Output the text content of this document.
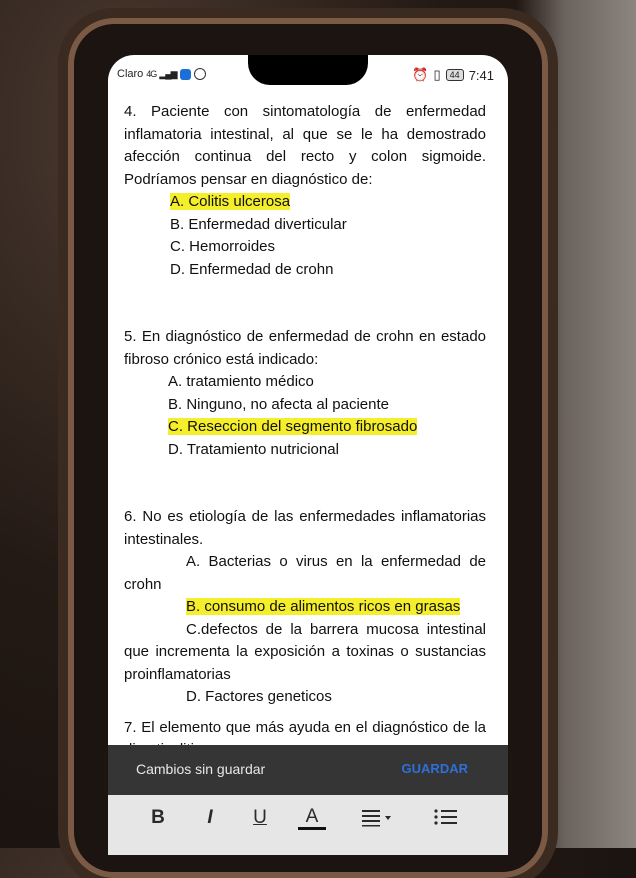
Claro 4G ▂▄▆	⏰ ▯	44 7:41

4. Paciente con sintomatología de enfermedad inflamatoria intestinal, al que se le ha demostrado afección continua del recto y colon sigmoide. Podríamos pensar en diagnóstico de:

A. Colitis ulcerosa

B. Enfermedad diverticular

C. Hemorroides

D. Enfermedad de crohn

5. En diagnóstico de enfermedad de crohn en estado fibroso crónico está indicado:

A. tratamiento médico

B. Ninguno, no afecta al paciente

C. Reseccion del segmento fibrosado

D. Tratamiento nutricional

6. No es etiología de las enfermedades inflamatorias intestinales.

A. Bacterias o virus en la enfermedad de crohn

B. consumo de alimentos ricos en grasas

C.defectos de la barrera mucosa intestinal que incrementa la exposición a toxinas o sustancias proinflamatorias

D. Factores geneticos

7. El elemento que más ayuda en el diagnóstico de la

Cambios sin guardar	GUARDAR
B	I	U	A
